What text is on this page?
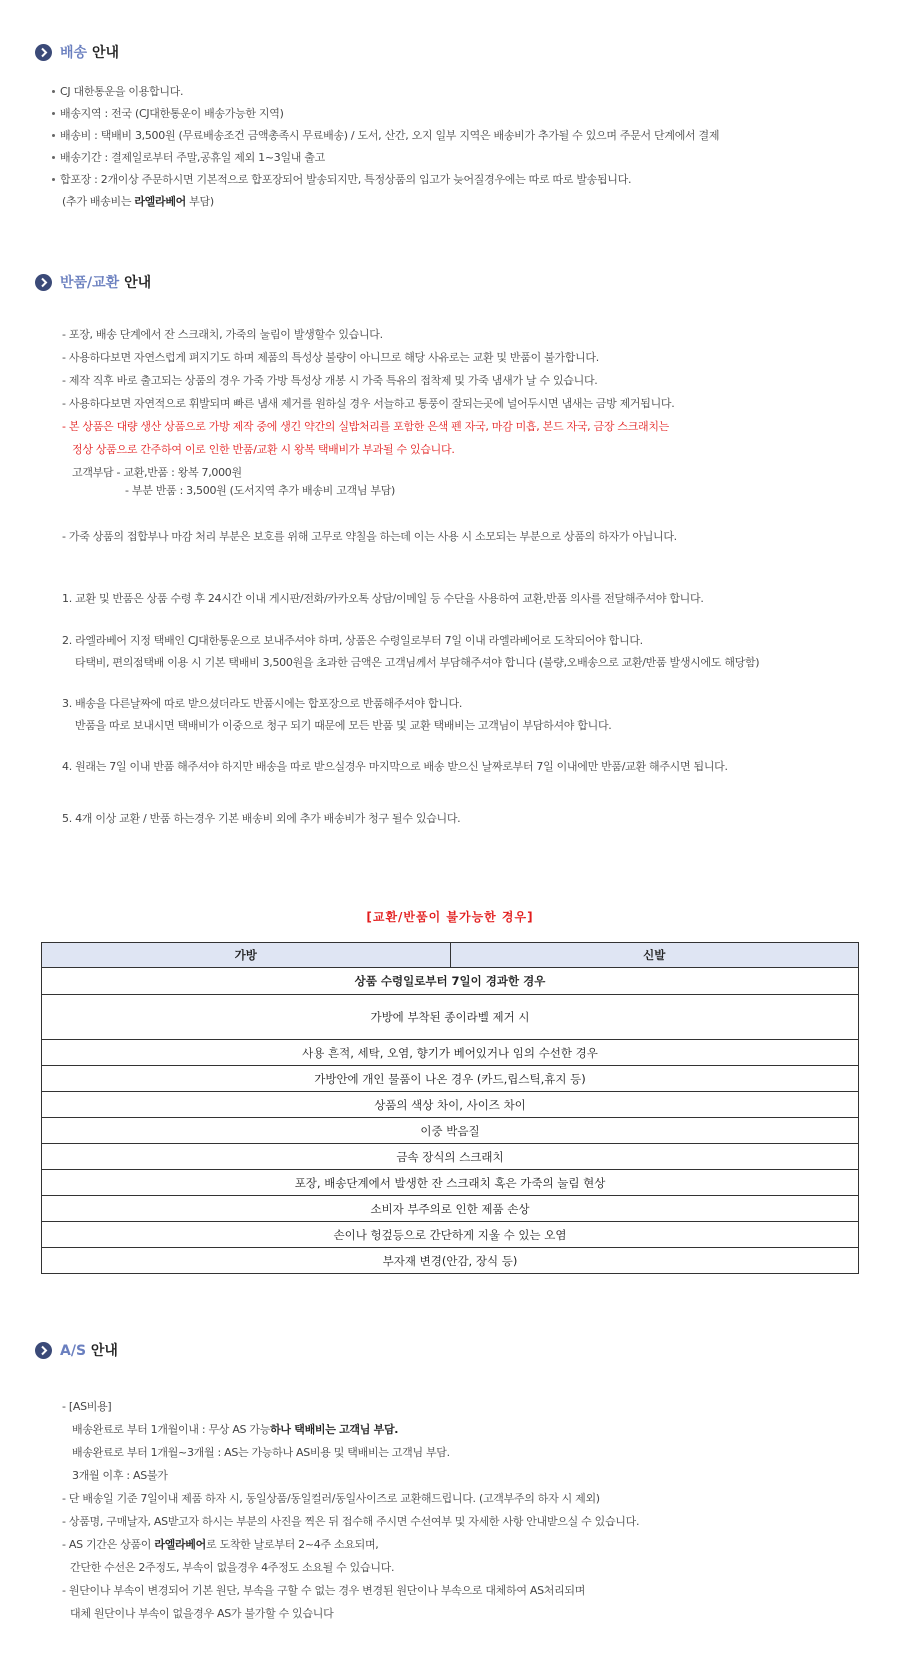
배송 안내
CJ 대한통운을 이용합니다.
배송지역 : 전국 (CJ대한통운이 배송가능한 지역)
배송비 : 택배비 3,500원 (무료배송조건 금액총족시 무료배송) / 도서, 산간, 오지 일부 지역은 배송비가 추가될 수 있으며 주문서 단계에서 결제
배송기간 : 결제일로부터 주말,공휴일 제외 1~3일내 출고
합포장 : 2개이상 주문하시면 기본적으로 합포장되어 발송되지만, 특정상품의 입고가 늦어질경우에는 따로 따로 발송됩니다.
(추가 배송비는 라엘라베어 부담)
반품/교환 안내
- 포장, 배송 단계에서 잔 스크래치, 가죽의 눌림이 발생할수 있습니다.
- 사용하다보면 자연스럽게 펴지기도 하며 제품의 특성상 불량이 아니므로 해당 사유로는 교환 및 반품이 불가합니다.
- 제작 직후 바로 출고되는 상품의 경우 가죽 가방 특성상 개봉 시 가죽 특유의 접착제 및 가죽 냄새가 날 수 있습니다.
- 사용하다보면 자연적으로 휘발되며 빠른 냄새 제거를 원하실 경우 서늘하고 통풍이 잘되는곳에 널어두시면 냄새는 금방 제거됩니다.
- 본 상품은 대량 생산 상품으로 가방 제작 중에 생긴 약간의 실밥처리를 포함한 은색 펜 자국, 마감 미흡, 본드 자국, 금장 스크래치는
정상 상품으로 간주하여 이로 인한 반품/교환 시 왕복 택배비가 부과될 수 있습니다.
고객부담 - 교환,반품 : 왕복 7,000원
- 부분 반품 : 3,500원 (도서지역 추가 배송비 고객님 부담)
- 가죽 상품의 접합부나 마감 처리 부분은 보호를 위해 고무로 약칠을 하는데 이는 사용 시 소모되는 부분으로 상품의 하자가 아닙니다.
1. 교환 및 반품은 상품 수령 후 24시간 이내 게시판/전화/카카오톡 상담/이메일 등 수단을 사용하여 교환,반품 의사를 전달해주셔야 합니다.
2. 라엘라베어 지정 택배인 CJ대한통운으로 보내주셔야 하며, 상품은 수령일로부터 7일 이내 라엘라베어로 도착되어야 합니다.
타택비, 편의점택배 이용 시 기본 택배비 3,500원을 초과한 금액은 고객님께서 부담해주셔야 합니다 (불량,오배송으로 교환/반품 발생시에도 해당함)
3. 배송을 다른날짜에 따로 받으셨더라도 반품시에는 합포장으로 반품해주셔야 합니다.
반품을 따로 보내시면 택배비가 이중으로 청구 되기 때문에 모든 반품 및 교환 택배비는 고객님이 부담하셔야 합니다.
4. 원래는 7일 이내 반품 해주셔야 하지만 배송을 따로 받으실경우 마지막으로 배송 받으신 날짜로부터 7일 이내에만 반품/교환 해주시면 됩니다.
5. 4개 이상 교환 / 반품 하는경우 기본 배송비 외에 추가 배송비가 청구 될수 있습니다.
[교환/반품이 불가능한 경우]
가방	신발
상품 수령일로부터 7일이 경과한 경우
가방에 부착된 종이라벨 제거 시
사용 흔적, 세탁, 오염, 향기가 베어있거나 임의 수선한 경우
가방안에 개인 물품이 나온 경우 (카드,립스틱,휴지 등)
상품의 색상 차이, 사이즈 차이
이중 박음질
금속 장식의 스크래치
포장, 배송단계에서 발생한 잔 스크래치 혹은 가죽의 눌림 현상
소비자 부주의로 인한 제품 손상
손이나 헝겊등으로 간단하게 지울 수 있는 오염
부자재 변경(안감, 장식 등)
A/S 안내
- [AS비용]
배송완료로 부터 1개월이내 : 무상 AS 가능하나 택배비는 고객님 부담.
배송완료로 부터 1개월~3개월 : AS는 가능하나 AS비용 및 택배비는 고객님 부담.
3개월 이후 : AS불가
- 단 배송일 기준 7일이내 제품 하자 시, 동일상품/동일컬러/동일사이즈로 교환해드립니다. (고객부주의 하자 시 제외)
- 상품명, 구매날자, AS받고자 하시는 부분의 사진을 찍은 뒤 접수해 주시면 수선여부 및 자세한 사항 안내받으실 수 있습니다.
- AS 기간은 상품이 라엘라베어로 도착한 날로부터 2~4주 소요되며,
간단한 수선은 2주정도, 부속이 없을경우 4주정도 소요될 수 있습니다.
- 원단이나 부속이 변경되어 기본 원단, 부속을 구할 수 없는 경우 변경된 원단이나 부속으로 대체하여 AS처리되며
대체 원단이나 부속이 없을경우 AS가 불가할 수 있습니다
